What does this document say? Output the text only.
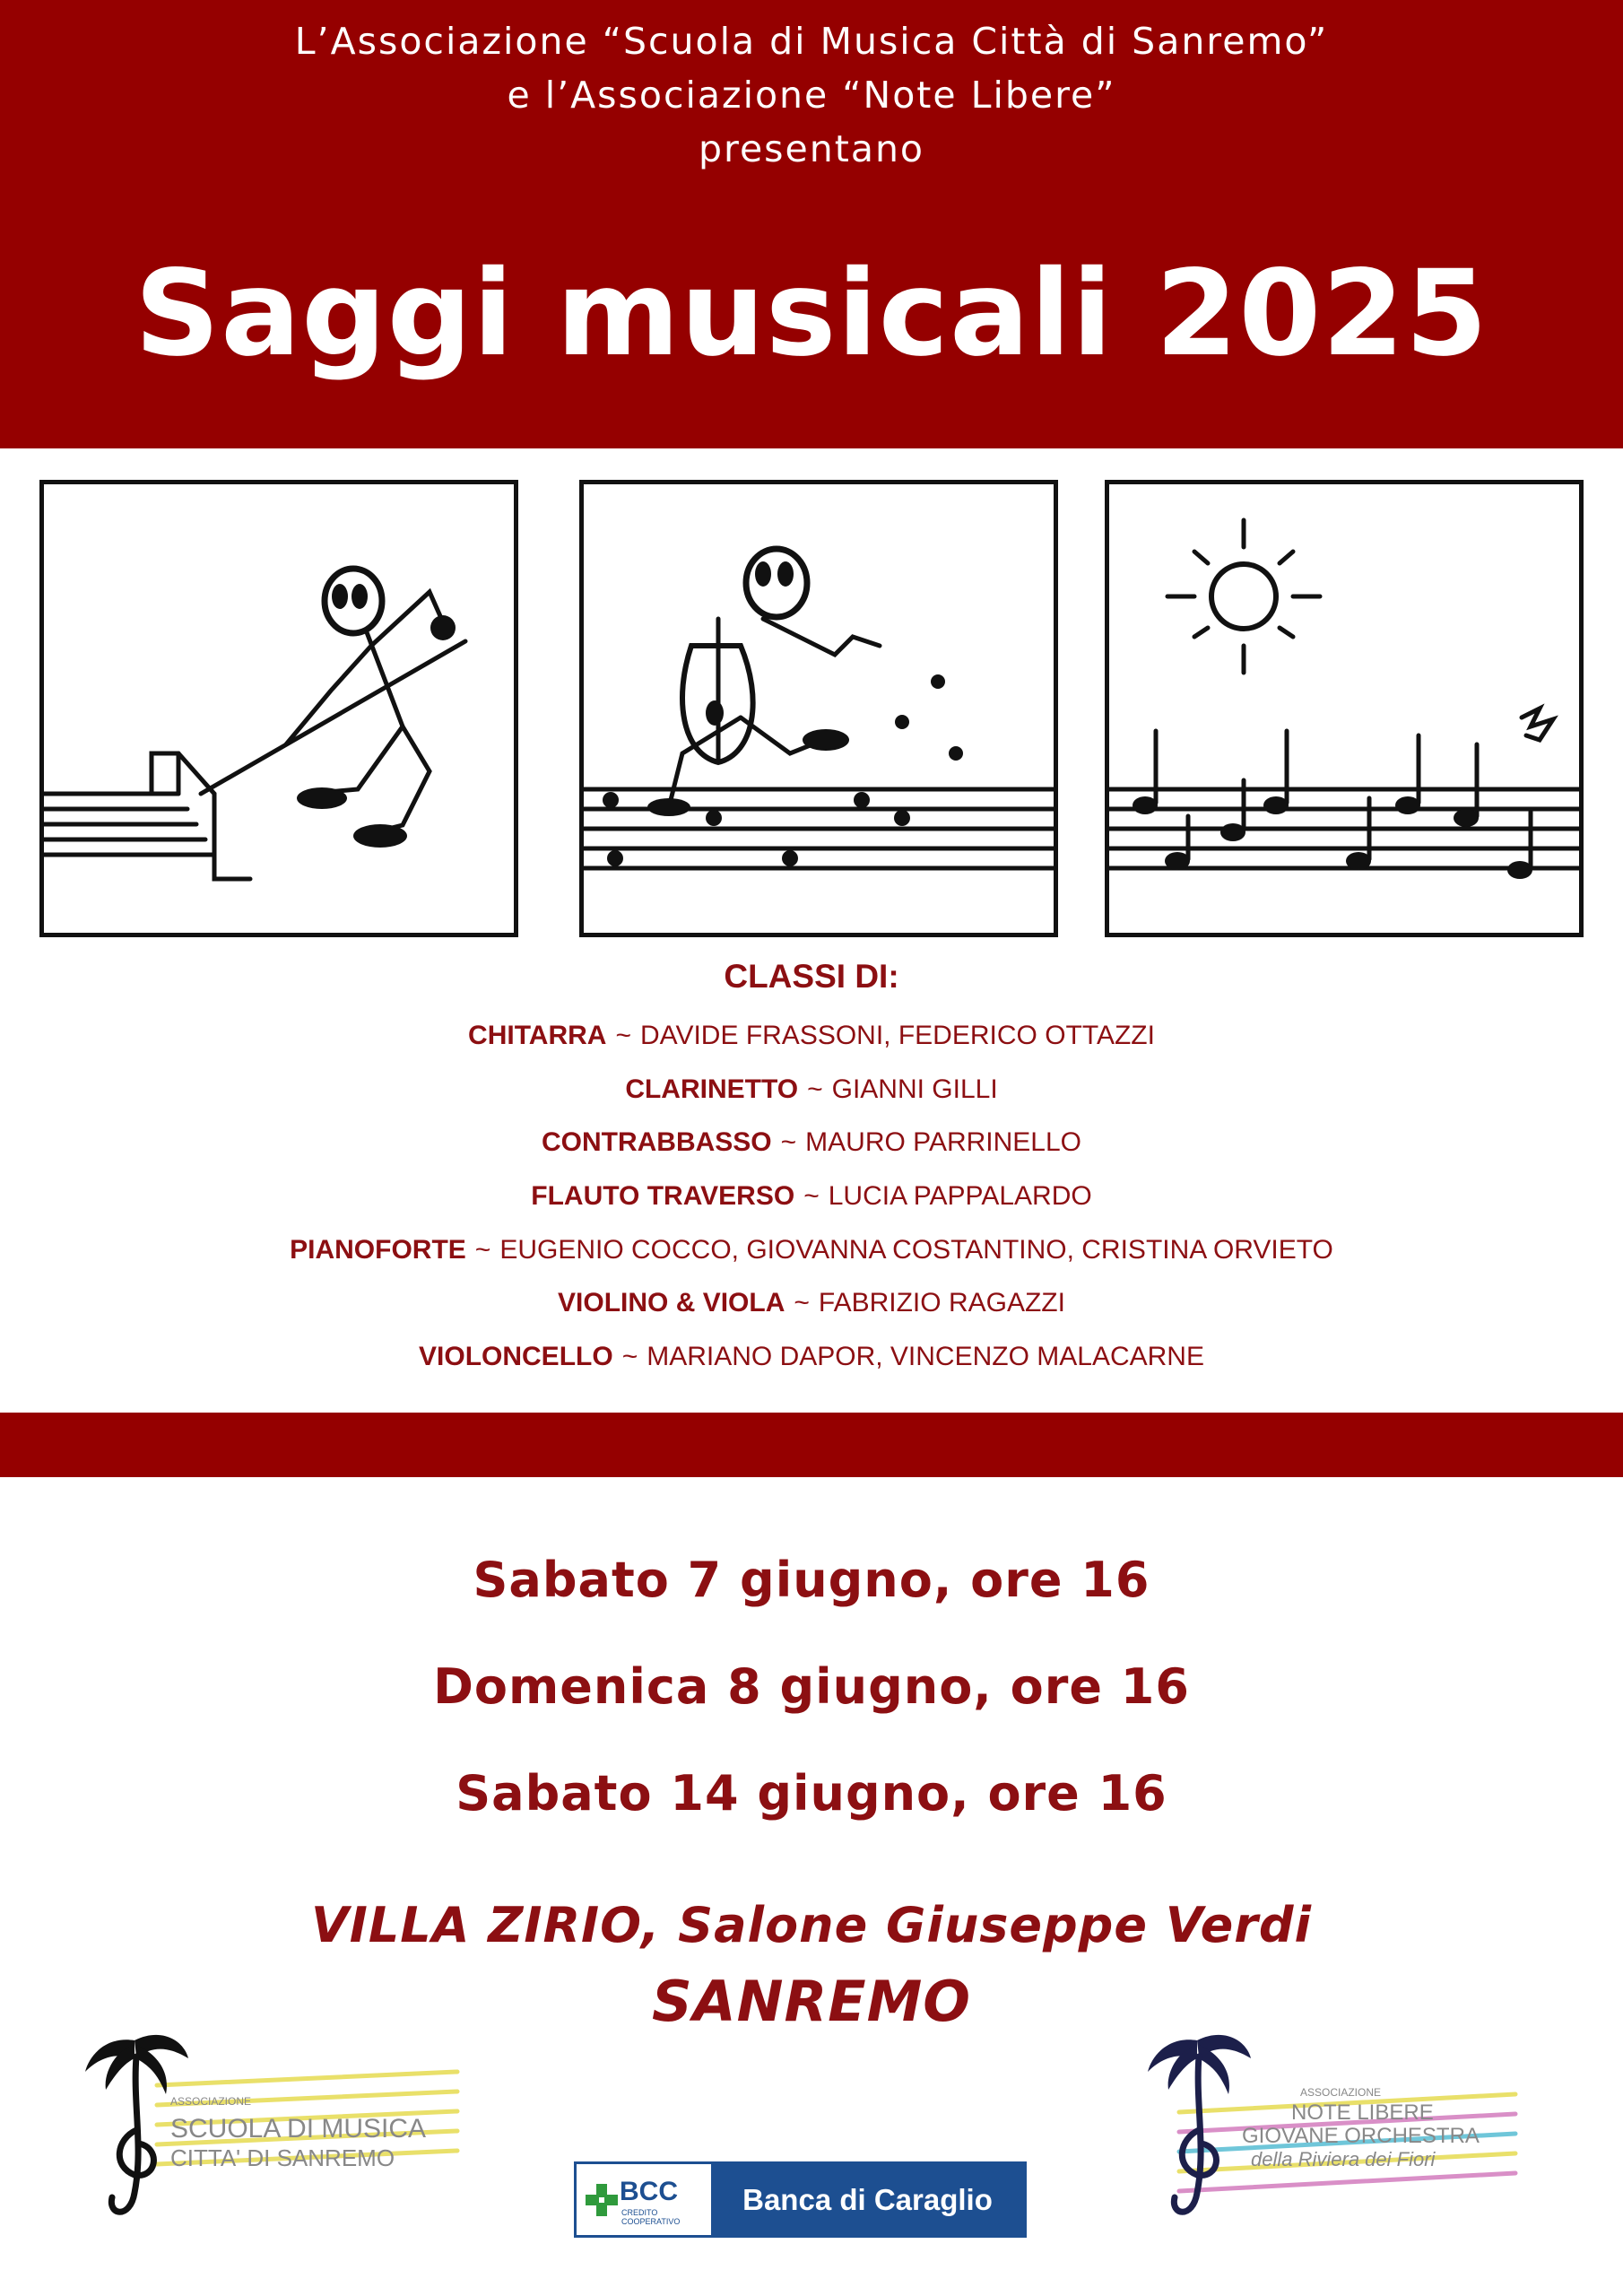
L’Associazione “Scuola di Musica Città di Sanremo”
e l’Associazione “Note Libere”
presentano
Saggi musicali 2025
CLASSI DI:
CHITARRA ~ DAVIDE FRASSONI, FEDERICO OTTAZZI
CLARINETTO ~ GIANNI GILLI
CONTRABBASSO ~ MAURO PARRINELLO
FLAUTO TRAVERSO ~ LUCIA PAPPALARDO
PIANOFORTE ~ EUGENIO COCCO, GIOVANNA COSTANTINO, CRISTINA ORVIETO
VIOLINO & VIOLA ~ FABRIZIO RAGAZZI
VIOLONCELLO ~ MARIANO DAPOR, VINCENZO MALACARNE
Sabato 7 giugno, ore 16
Domenica 8 giugno, ore 16
Sabato 14 giugno, ore 16
VILLA ZIRIO, Salone Giuseppe Verdi
SANREMO
ASSOCIAZIONE
SCUOLA DI MUSICA
CITTA' DI SANREMO
ASSOCIAZIONE
NOTE LIBERE
GIOVANE ORCHESTRA
della Riviera dei Fiori
BCC
CREDITO COOPERATIVO
Banca di Caraglio
